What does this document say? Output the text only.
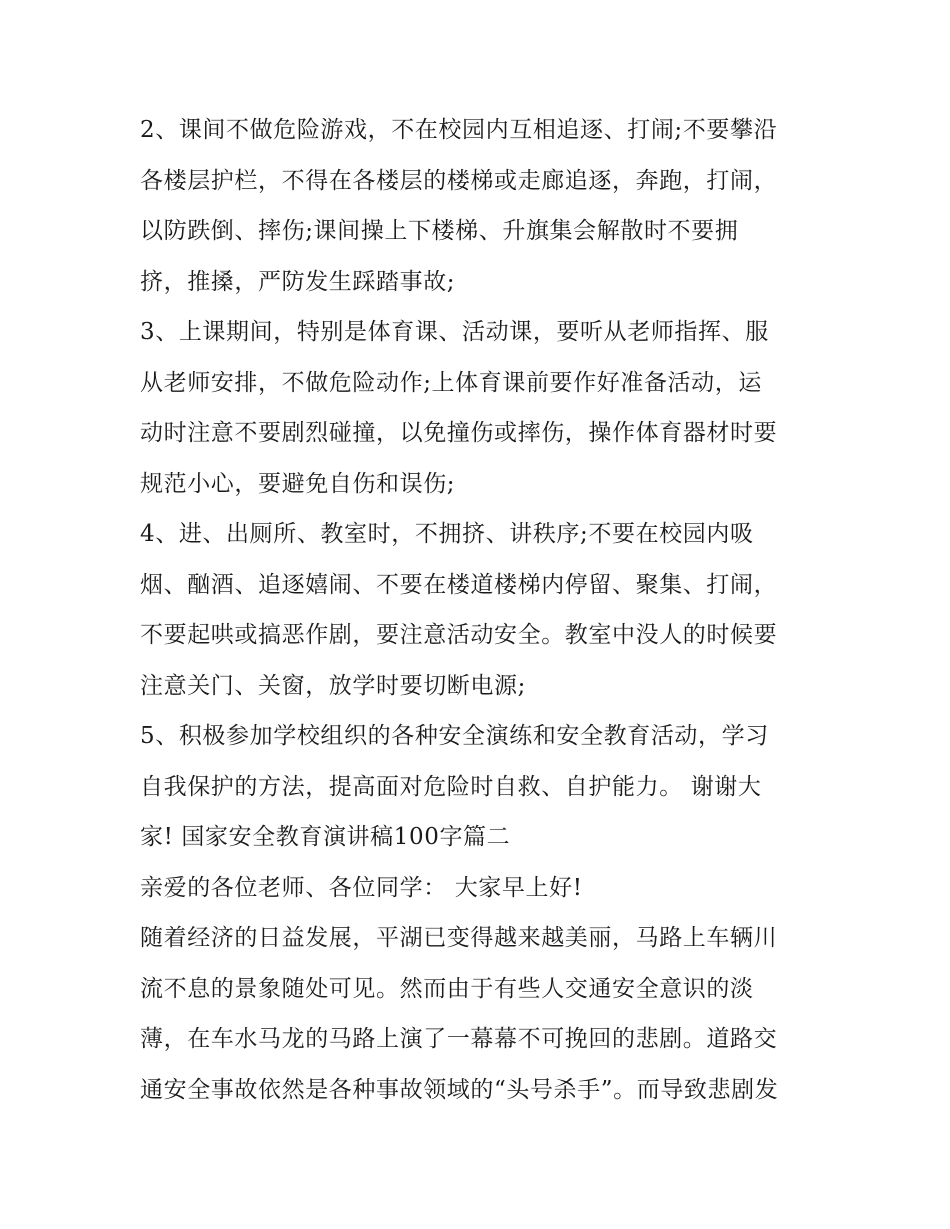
2、课间不做危险游戏，不在校园内互相追逐、打闹;不要攀沿
各楼层护栏，不得在各楼层的楼梯或走廊追逐，奔跑，打闹，
以防跌倒、摔伤;课间操上下楼梯、升旗集会解散时不要拥
挤，推搡，严防发生踩踏事故;
3、上课期间，特别是体育课、活动课，要听从老师指挥、服
从老师安排，不做危险动作;上体育课前要作好准备活动，运
动时注意不要剧烈碰撞，以免撞伤或摔伤，操作体育器材时要
规范小心，要避免自伤和误伤;
4、进、出厕所、教室时，不拥挤、讲秩序;不要在校园内吸
烟、酗酒、追逐嬉闹、不要在楼道楼梯内停留、聚集、打闹，
不要起哄或搞恶作剧，要注意活动安全。教室中没人的时候要
注意关门、关窗，放学时要切断电源;
5、积极参加学校组织的各种安全演练和安全教育活动，学习
自我保护的方法，提高面对危险时自救、自护能力。 谢谢大
家! 国家安全教育演讲稿100字篇二
亲爱的各位老师、各位同学： 大家早上好!
随着经济的日益发展，平湖已变得越来越美丽，马路上车辆川
流不息的景象随处可见。然而由于有些人交通安全意识的淡
薄，在车水马龙的马路上演了一幕幕不可挽回的悲剧。道路交
通安全事故依然是各种事故领域的“头号杀手”。而导致悲剧发
